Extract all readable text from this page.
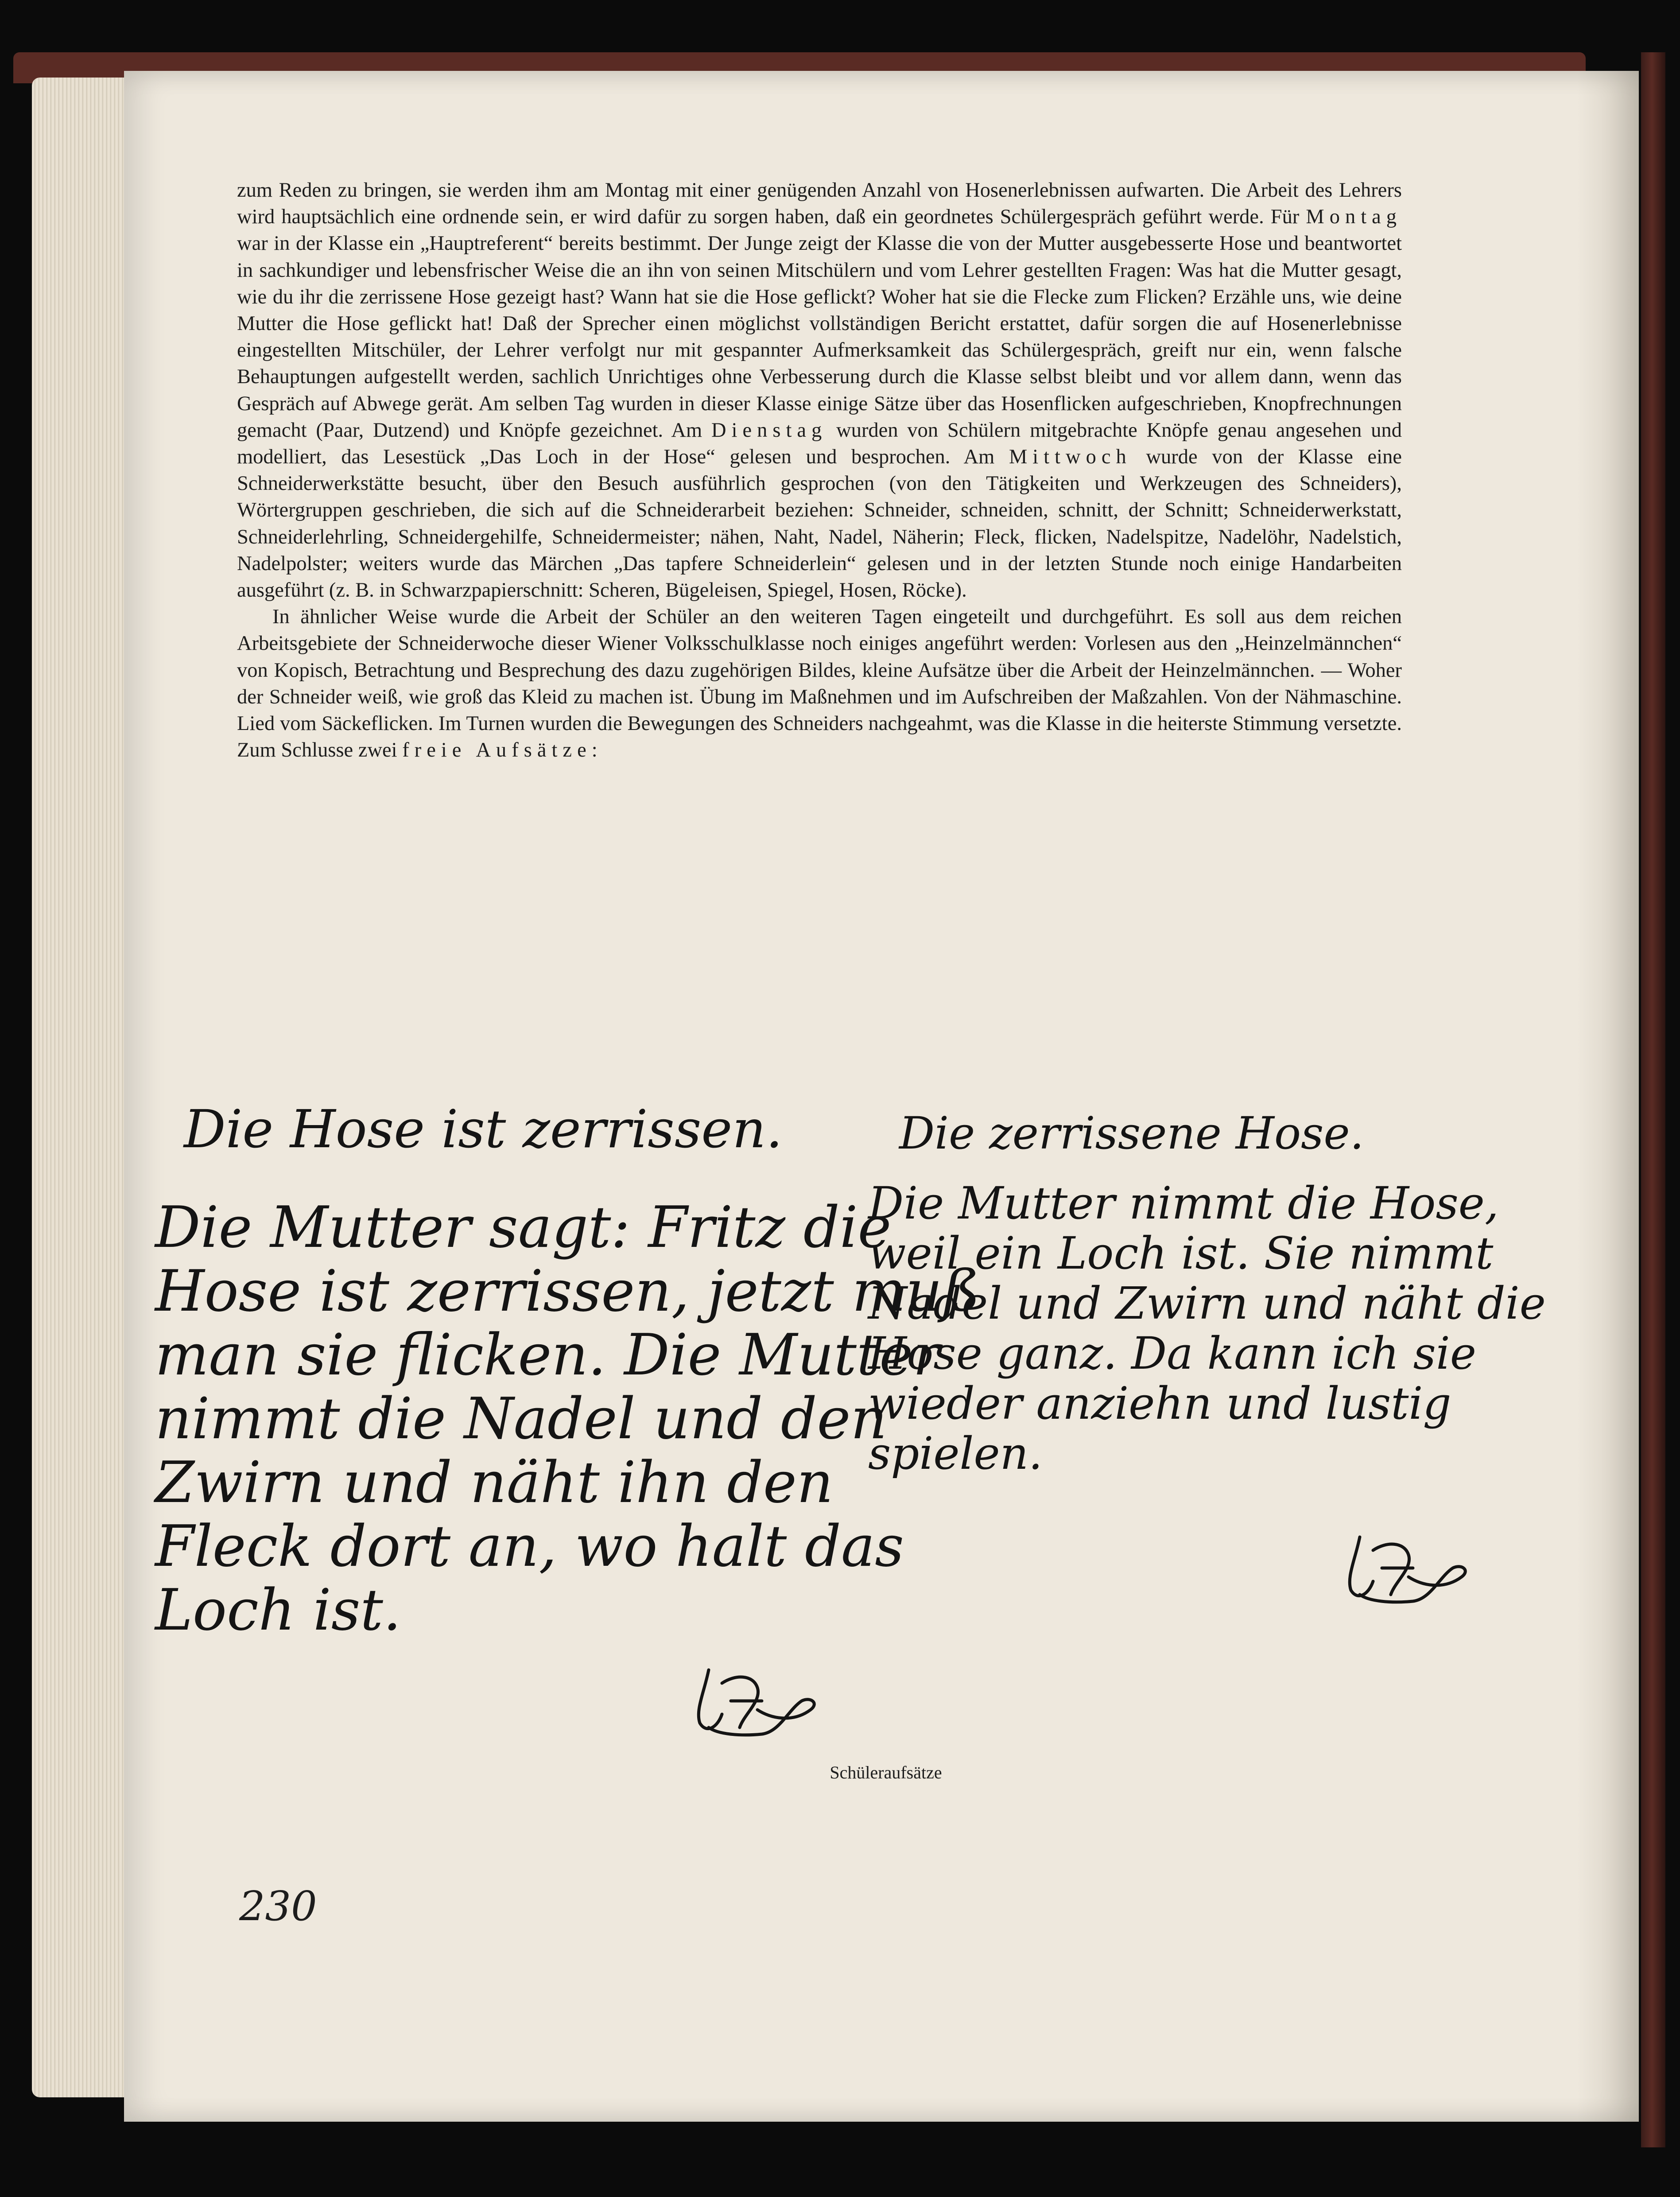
zum Reden zu bringen, sie werden ihm am Montag mit einer genügenden Anzahl von Hosenerlebnissen aufwarten. Die Arbeit des Lehrers wird hauptsächlich eine ordnende sein, er wird dafür zu sorgen haben, daß ein geordnetes Schülergespräch geführt werde. Für Montag war in der Klasse ein „Hauptreferent“ bereits bestimmt. Der Junge zeigt der Klasse die von der Mutter ausgebesserte Hose und beantwortet in sachkundiger und lebensfrischer Weise die an ihn von seinen Mitschülern und vom Lehrer gestellten Fragen: Was hat die Mutter gesagt, wie du ihr die zerrissene Hose gezeigt hast? Wann hat sie die Hose geflickt? Woher hat sie die Flecke zum Flicken? Erzähle uns, wie deine Mutter die Hose geflickt hat! Daß der Sprecher einen möglichst vollständigen Bericht erstattet, dafür sorgen die auf Hosenerlebnisse eingestellten Mitschüler, der Lehrer verfolgt nur mit gespannter Aufmerksamkeit das Schülergespräch, greift nur ein, wenn falsche Behauptungen aufgestellt werden, sachlich Unrichtiges ohne Verbesserung durch die Klasse selbst bleibt und vor allem dann, wenn das Gespräch auf Abwege gerät. Am selben Tag wurden in dieser Klasse einige Sätze über das Hosenflicken aufgeschrieben, Knopfrechnungen gemacht (Paar, Dutzend) und Knöpfe gezeichnet. Am Dienstag wurden von Schülern mitgebrachte Knöpfe genau angesehen und modelliert, das Lesestück „Das Loch in der Hose“ gelesen und besprochen. Am Mittwoch wurde von der Klasse eine Schneiderwerkstätte besucht, über den Besuch ausführlich gesprochen (von den Tätigkeiten und Werkzeugen des Schneiders), Wörtergruppen geschrieben, die sich auf die Schneiderarbeit beziehen: Schneider, schneiden, schnitt, der Schnitt; Schneiderwerkstatt, Schneiderlehrling, Schneidergehilfe, Schneidermeister; nähen, Naht, Nadel, Näherin; Fleck, flicken, Nadelspitze, Nadelöhr, Nadelstich, Nadelpolster; weiters wurde das Märchen „Das tapfere Schneiderlein“ gelesen und in der letzten Stunde noch einige Handarbeiten ausgeführt (z. B. in Schwarzpapierschnitt: Scheren, Bügeleisen, Spiegel, Hosen, Röcke).

In ähnlicher Weise wurde die Arbeit der Schüler an den weiteren Tagen eingeteilt und durchgeführt. Es soll aus dem reichen Arbeitsgebiete der Schneiderwoche dieser Wiener Volksschulklasse noch einiges angeführt werden: Vorlesen aus den „Heinzelmännchen“ von Kopisch, Betrachtung und Besprechung des dazu zugehörigen Bildes, kleine Aufsätze über die Arbeit der Heinzelmännchen. — Woher der Schneider weiß, wie groß das Kleid zu machen ist. Übung im Maßnehmen und im Aufschreiben der Maßzahlen. Von der Nähmaschine. Lied vom Säckeflicken. Im Turnen wurden die Bewegungen des Schneiders nachgeahmt, was die Klasse in die heiterste Stimmung versetzte. Zum Schlusse zwei freie Aufsätze:

Die Hose ist zerrissen.
Die Mutter sagt: Fritz die
Hose ist zerrissen, jetzt muß
man sie flicken. Die Mutter
nimmt die Nadel und den
Zwirn und näht ihn den
Fleck dort an, wo halt das
Loch ist.
Die zerrissene Hose.
Die Mutter nimmt die Hose,
weil ein Loch ist. Sie nimmt
Nadel und Zwirn und näht die
Hose ganz. Da kann ich sie
wieder anziehn und lustig
spielen.
Schüleraufsätze
230
